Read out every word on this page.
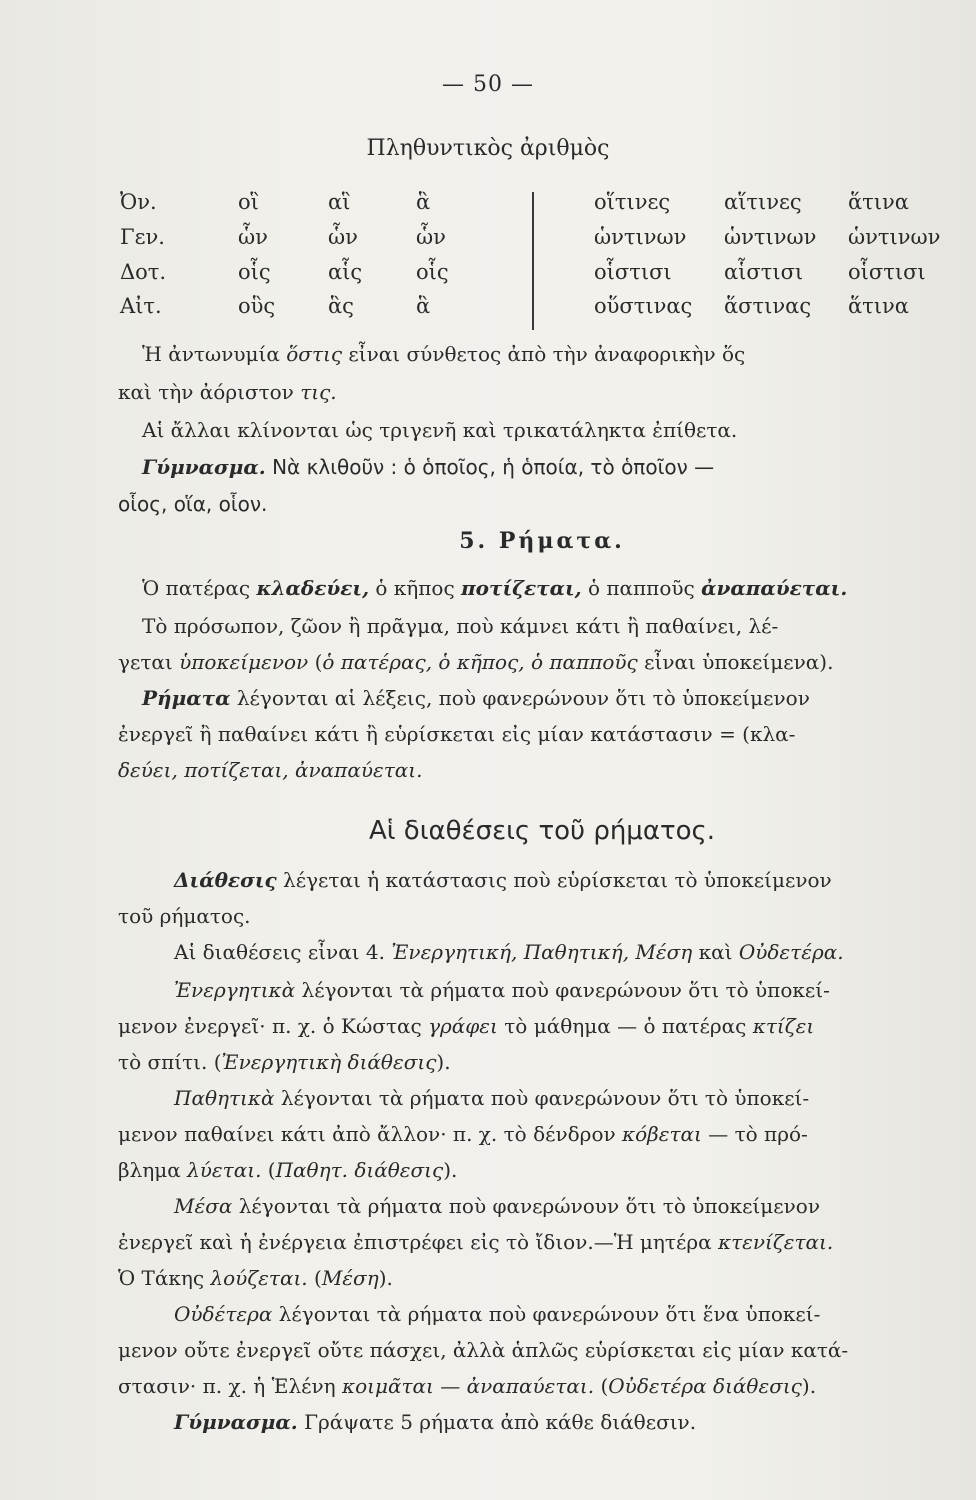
— 50 —
Πληθυντικὸς ἀριθμὸς
Ὀν.	οἳ	αἳ	ἃ	οἵτινες	αἵτινες ἅτινα
Γεν.	ὧν	ὧν	ὧν	ὡντινων ὡντινων ὡντινων
Δοτ.	οἷς	αἷς	οἷς	οἷστισι αἷστισι οἷστισι
Αἰτ.	οὓς	ἃς	ἃ	οὕστινας ἅστινας ἅτινα
Ἡ ἀντωνυμία ὅστις εἶναι σύνθετος ἀπὸ τὴν ἀναφορικὴν ὅς
καὶ τὴν ἀόριστον τις.
Αἱ ἄλλαι κλίνονται ὡς τριγενῆ καὶ τρικατάληκτα ἐπίθετα.
Γύμνασμα. Νὰ κλιθοῦν : ὁ ὁποῖος, ἡ ὁποία, τὸ ὁποῖον —
οἷος, οἵα, οἷον.
5. Ρήματα.
Ὁ πατέρας κλαδεύει, ὁ κῆπος ποτίζεται, ὁ παπποῦς ἀναπαύεται.
Τὸ πρόσωπον, ζῶον ἢ πρᾶγμα, ποὺ κάμνει κάτι ἢ παθαίνει, λέ-
γεται ὑποκείμενον (ὁ πατέρας, ὁ κῆπος, ὁ παπποῦς εἶναι ὑποκείμενα).
Ρήματα λέγονται αἱ λέξεις, ποὺ φανερώνουν ὅτι τὸ ὑποκείμενον
ἐνεργεῖ ἢ παθαίνει κάτι ἢ εὑρίσκεται εἰς μίαν κατάστασιν = (κλα-
δεύει, ποτίζεται, ἀναπαύεται.
Αἱ διαθέσεις τοῦ ρήματος.
Διάθεσις λέγεται ἡ κατάστασις ποὺ εὑρίσκεται τὸ ὑποκείμενον
τοῦ ρήματος.
Αἱ διαθέσεις εἶναι 4. Ἐνεργητική, Παθητική, Μέση καὶ Οὐδετέρα.
Ἐνεργητικὰ λέγονται τὰ ρήματα ποὺ φανερώνουν ὅτι τὸ ὑποκεί-
μενον ἐνεργεῖ· π. χ. ὁ Κώστας γράφει τὸ μάθημα — ὁ πατέρας κτίζει
τὸ σπίτι. (Ἐνεργητικὴ διάθεσις).
Παθητικὰ λέγονται τὰ ρήματα ποὺ φανερώνουν ὅτι τὸ ὑποκεί-
μενον παθαίνει κάτι ἀπὸ ἄλλον· π. χ. τὸ δένδρον κόβεται — τὸ πρό-
βλημα λύεται. (Παθητ. διάθεσις).
Μέσα λέγονται τὰ ρήματα ποὺ φανερώνουν ὅτι τὸ ὑποκείμενον
ἐνεργεῖ καὶ ἡ ἐνέργεια ἐπιστρέφει εἰς τὸ ἴδιον.—Ἡ μητέρα κτενίζεται.
Ὁ Τάκης λούζεται. (Μέση).
Οὐδέτερα λέγονται τὰ ρήματα ποὺ φανερώνουν ὅτι ἕνα ὑποκεί-
μενον οὔτε ἐνεργεῖ οὔτε πάσχει, ἀλλὰ ἁπλῶς εὑρίσκεται εἰς μίαν κατά-
στασιν· π. χ. ἡ Ἑλένη κοιμᾶται — ἀναπαύεται. (Οὐδετέρα διάθεσις).
Γύμνασμα. Γράψατε 5 ρήματα ἀπὸ κάθε διάθεσιν.
